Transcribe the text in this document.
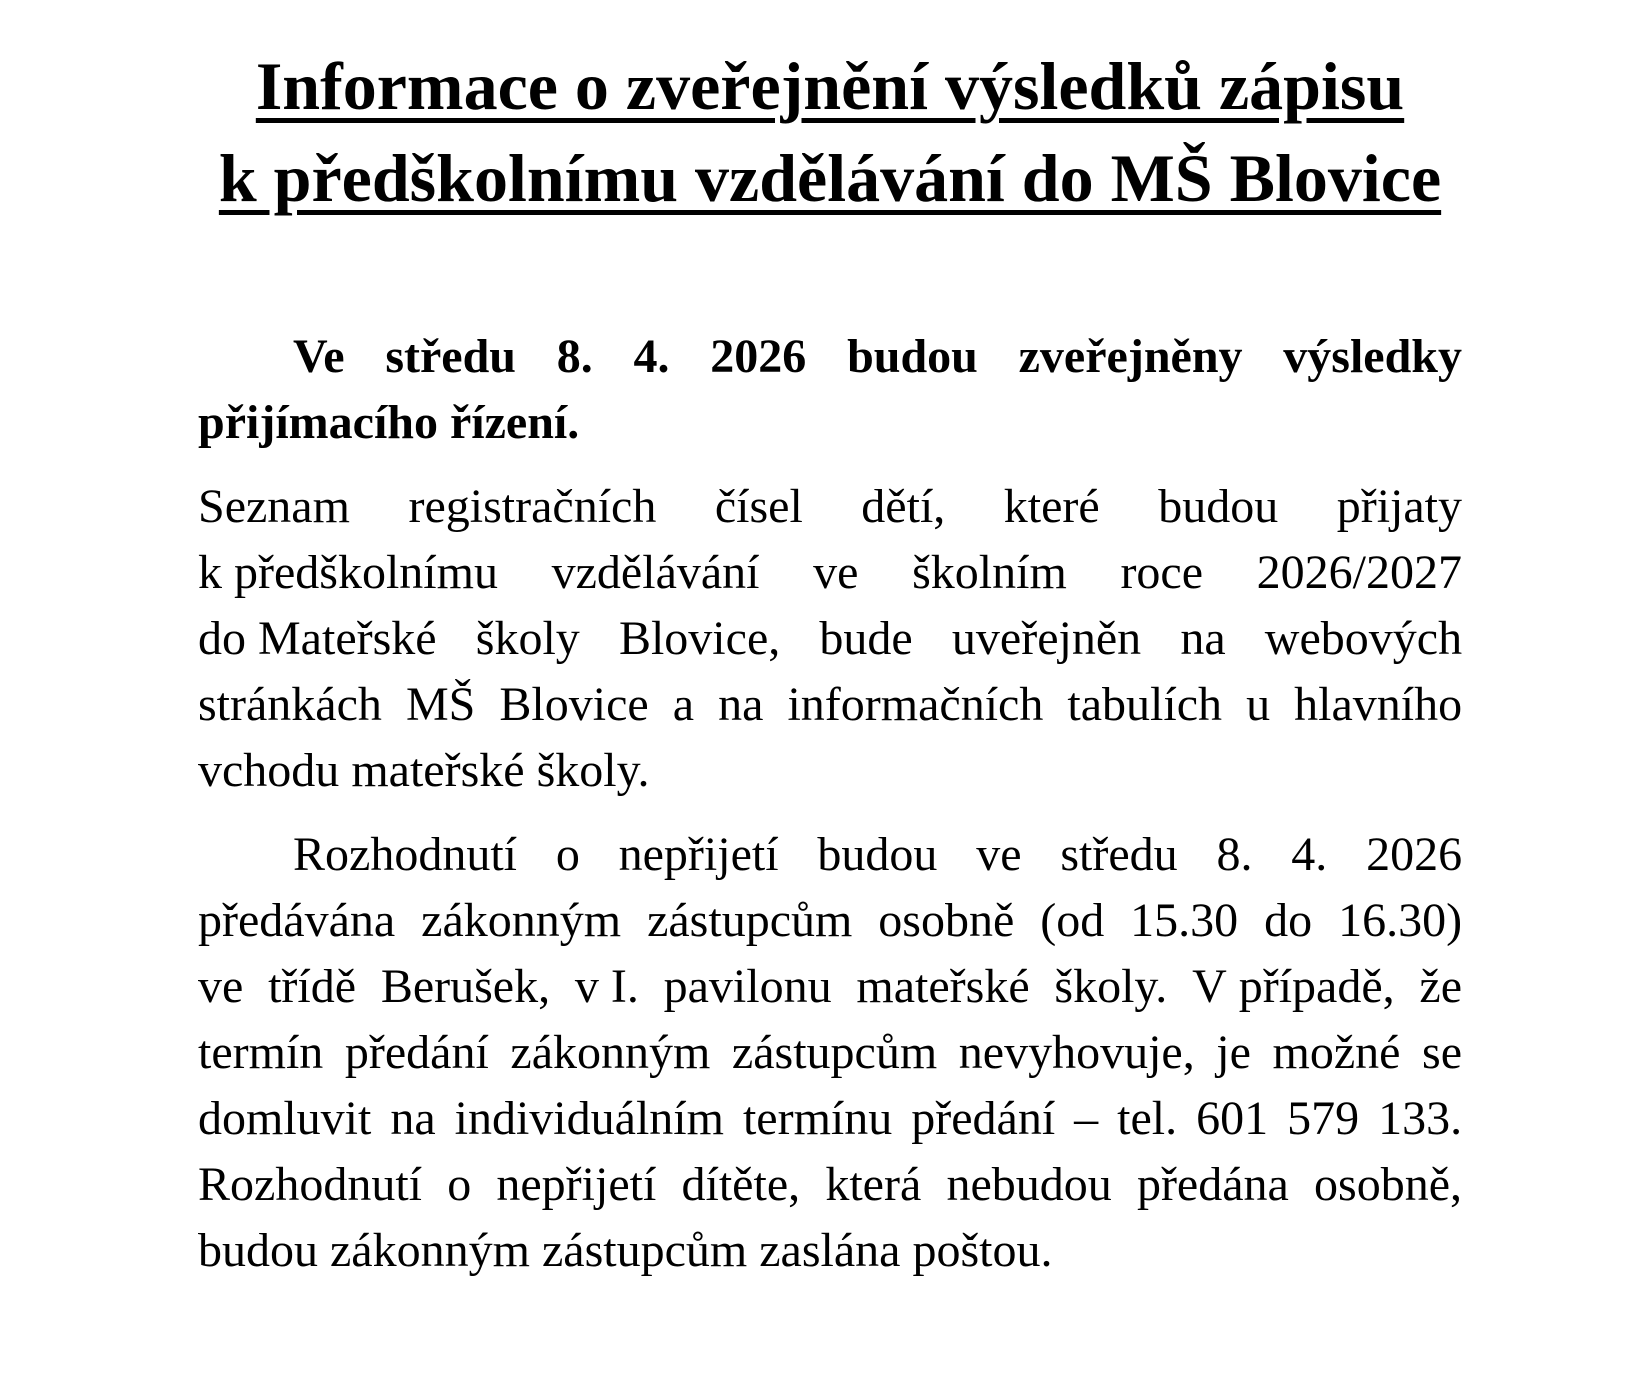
Informace o zveřejnění výsledků zápisu
k předškolnímu vzdělávání do MŠ Blovice
Ve středu 8. 4. 2026 budou zveřejněny výsledky
přijímacího řízení.
Seznam registračních čísel dětí, které budou přijaty
k předškolnímu vzdělávání ve školním roce 2026/2027
do Mateřské školy Blovice, bude uveřejněn na webových
stránkách MŠ Blovice a na informačních tabulích u hlavního
vchodu mateřské školy.
Rozhodnutí o nepřijetí budou ve středu 8. 4. 2026
předávána zákonným zástupcům osobně (od 15.30 do 16.30)
ve třídě Berušek, v I. pavilonu mateřské školy. V případě, že
termín předání zákonným zástupcům nevyhovuje, je možné se
domluvit na individuálním termínu předání – tel. 601 579 133.
Rozhodnutí o nepřijetí dítěte, která nebudou předána osobně,
budou zákonným zástupcům zaslána poštou.
